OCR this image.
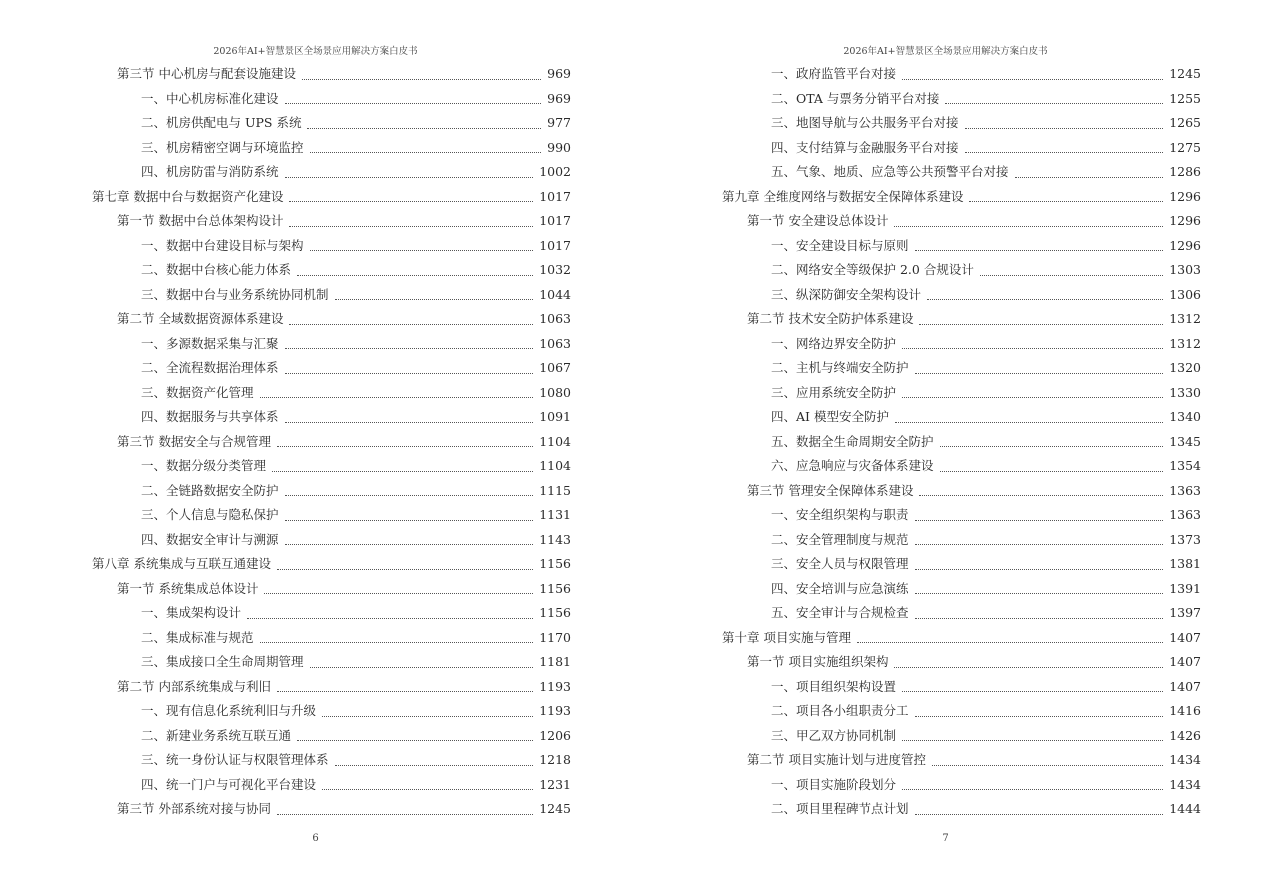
2026年AI+智慧景区全场景应用解决方案白皮书
第三节 中心机房与配套设施建设	969
一、中心机房标准化建设	969
二、机房供配电与 UPS 系统	977
三、机房精密空调与环境监控	990
四、机房防雷与消防系统	1002
第七章 数据中台与数据资产化建设	1017
第一节 数据中台总体架构设计	1017
一、数据中台建设目标与架构	1017
二、数据中台核心能力体系	1032
三、数据中台与业务系统协同机制	1044
第二节 全域数据资源体系建设	1063
一、多源数据采集与汇聚	1063
二、全流程数据治理体系	1067
三、数据资产化管理	1080
四、数据服务与共享体系	1091
第三节 数据安全与合规管理	1104
一、数据分级分类管理	1104
二、全链路数据安全防护	1115
三、个人信息与隐私保护	1131
四、数据安全审计与溯源	1143
第八章 系统集成与互联互通建设	1156
第一节 系统集成总体设计	1156
一、集成架构设计	1156
二、集成标准与规范	1170
三、集成接口全生命周期管理	1181
第二节 内部系统集成与利旧	1193
一、现有信息化系统利旧与升级	1193
二、新建业务系统互联互通	1206
三、统一身份认证与权限管理体系	1218
四、统一门户与可视化平台建设	1231
第三节 外部系统对接与协同	1245
6
2026年AI+智慧景区全场景应用解决方案白皮书
一、政府监管平台对接	1245
二、OTA 与票务分销平台对接	1255
三、地图导航与公共服务平台对接	1265
四、支付结算与金融服务平台对接	1275
五、气象、地质、应急等公共预警平台对接	1286
第九章 全维度网络与数据安全保障体系建设	1296
第一节 安全建设总体设计	1296
一、安全建设目标与原则	1296
二、网络安全等级保护 2.0 合规设计	1303
三、纵深防御安全架构设计	1306
第二节 技术安全防护体系建设	1312
一、网络边界安全防护	1312
二、主机与终端安全防护	1320
三、应用系统安全防护	1330
四、AI 模型安全防护	1340
五、数据全生命周期安全防护	1345
六、应急响应与灾备体系建设	1354
第三节 管理安全保障体系建设	1363
一、安全组织架构与职责	1363
二、安全管理制度与规范	1373
三、安全人员与权限管理	1381
四、安全培训与应急演练	1391
五、安全审计与合规检查	1397
第十章 项目实施与管理	1407
第一节 项目实施组织架构	1407
一、项目组织架构设置	1407
二、项目各小组职责分工	1416
三、甲乙双方协同机制	1426
第二节 项目实施计划与进度管控	1434
一、项目实施阶段划分	1434
二、项目里程碑节点计划	1444
7
